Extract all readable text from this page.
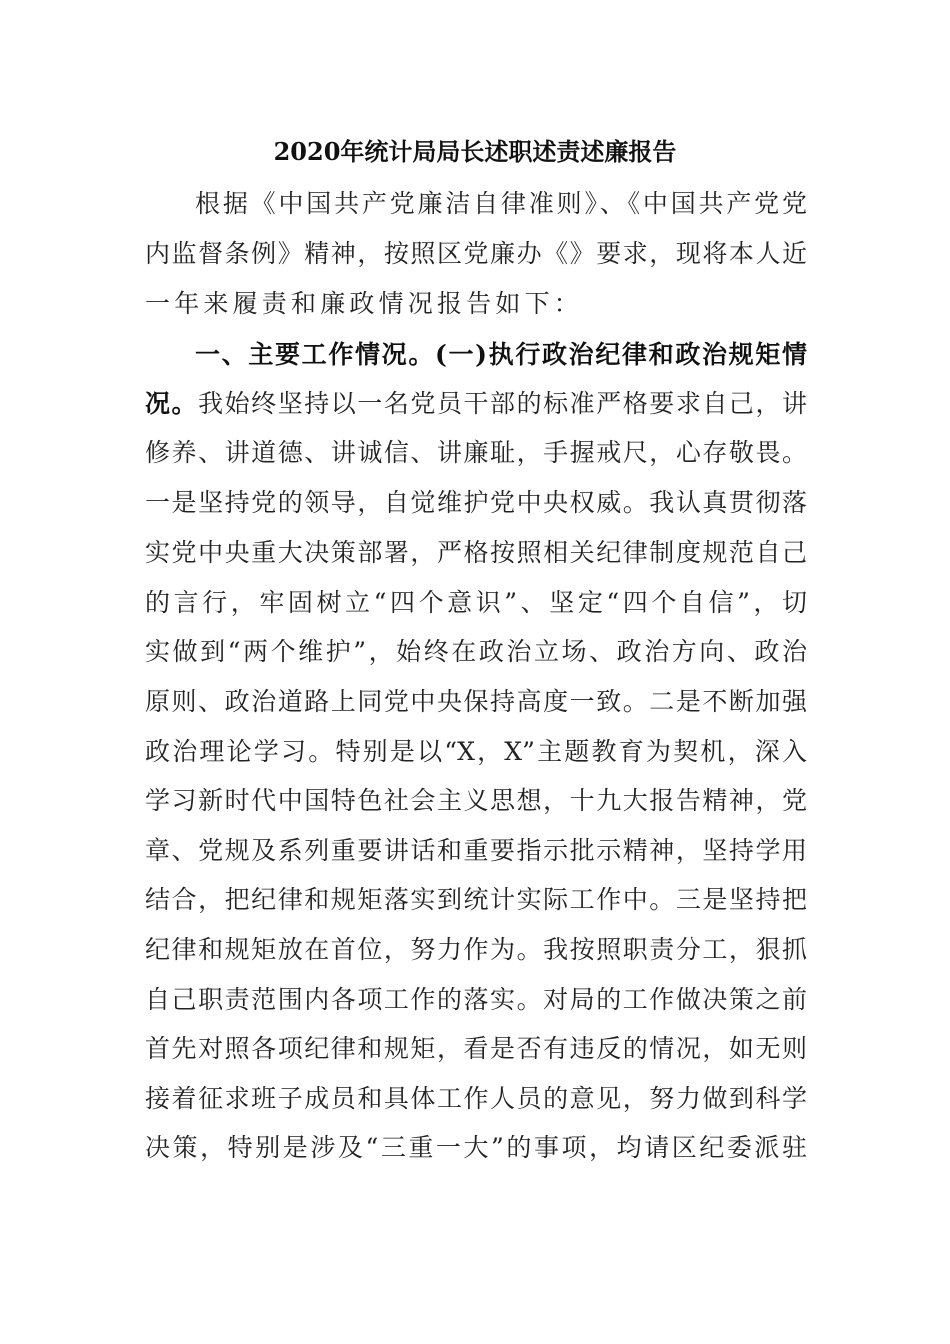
2020年统计局局长述职述责述廉报告
根据《中国共产党廉洁自律准则》、《中国共产党党
内监督条例》精神，按照区党廉办《》要求，现将本人近
一年来履责和廉政情况报告如下：
一、主要工作情况。(一)执行政治纪律和政治规矩情
况。我始终坚持以一名党员干部的标准严格要求自己，讲
修养、讲道德、讲诚信、讲廉耻，手握戒尺，心存敬畏。
一是坚持党的领导，自觉维护党中央权威。我认真贯彻落
实党中央重大决策部署，严格按照相关纪律制度规范自己
的言行，牢固树立“四个意识”、坚定“四个自信”，切
实做到“两个维护”，始终在政治立场、政治方向、政治
原则、政治道路上同党中央保持高度一致。二是不断加强
政治理论学习。特别是以“X，X”主题教育为契机，深入
学习新时代中国特色社会主义思想，十九大报告精神，党
章、党规及系列重要讲话和重要指示批示精神，坚持学用
结合，把纪律和规矩落实到统计实际工作中。三是坚持把
纪律和规矩放在首位，努力作为。我按照职责分工，狠抓
自己职责范围内各项工作的落实。对局的工作做决策之前
首先对照各项纪律和规矩，看是否有违反的情况，如无则
接着征求班子成员和具体工作人员的意见，努力做到科学
决策，特别是涉及“三重一大”的事项，均请区纪委派驻
